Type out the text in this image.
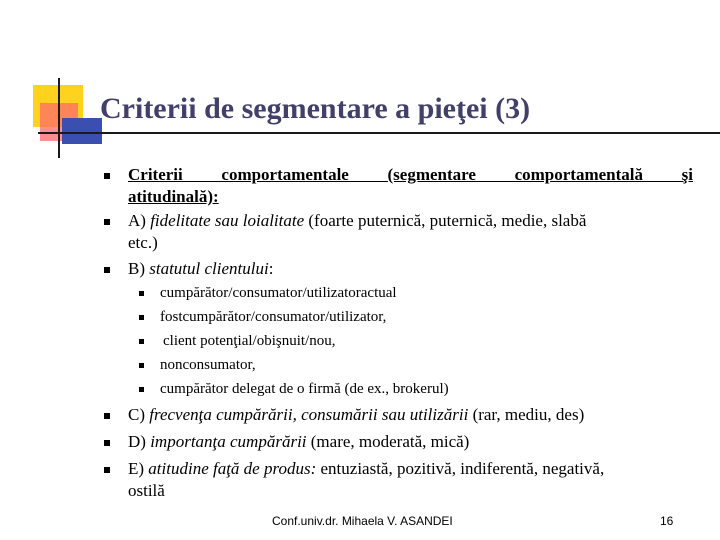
Criterii de segmentare a pieţei (3)
Criterii comportamentale (segmentare comportamentală şi
atitudinală):
A) fidelitate sau loialitate (foarte puternică, puternică, medie, slabă
etc.)
B) statutul clientului:
cumpărător/consumator/utilizatoractual
fostcumpărător/consumator/utilizator,
client potenţial/obişnuit/nou,
nonconsumator,
cumpărător delegat de o firmă (de ex., brokerul)
C) frecvenţa cumpărării, consumării sau utilizării (rar, mediu, des)
D) importanţa cumpărării (mare, moderată, mică)
E) atitudine faţă de produs: entuziastă, pozitivă, indiferentă, negativă,
ostilă
Conf.univ.dr. Mihaela V. ASANDEI	16
